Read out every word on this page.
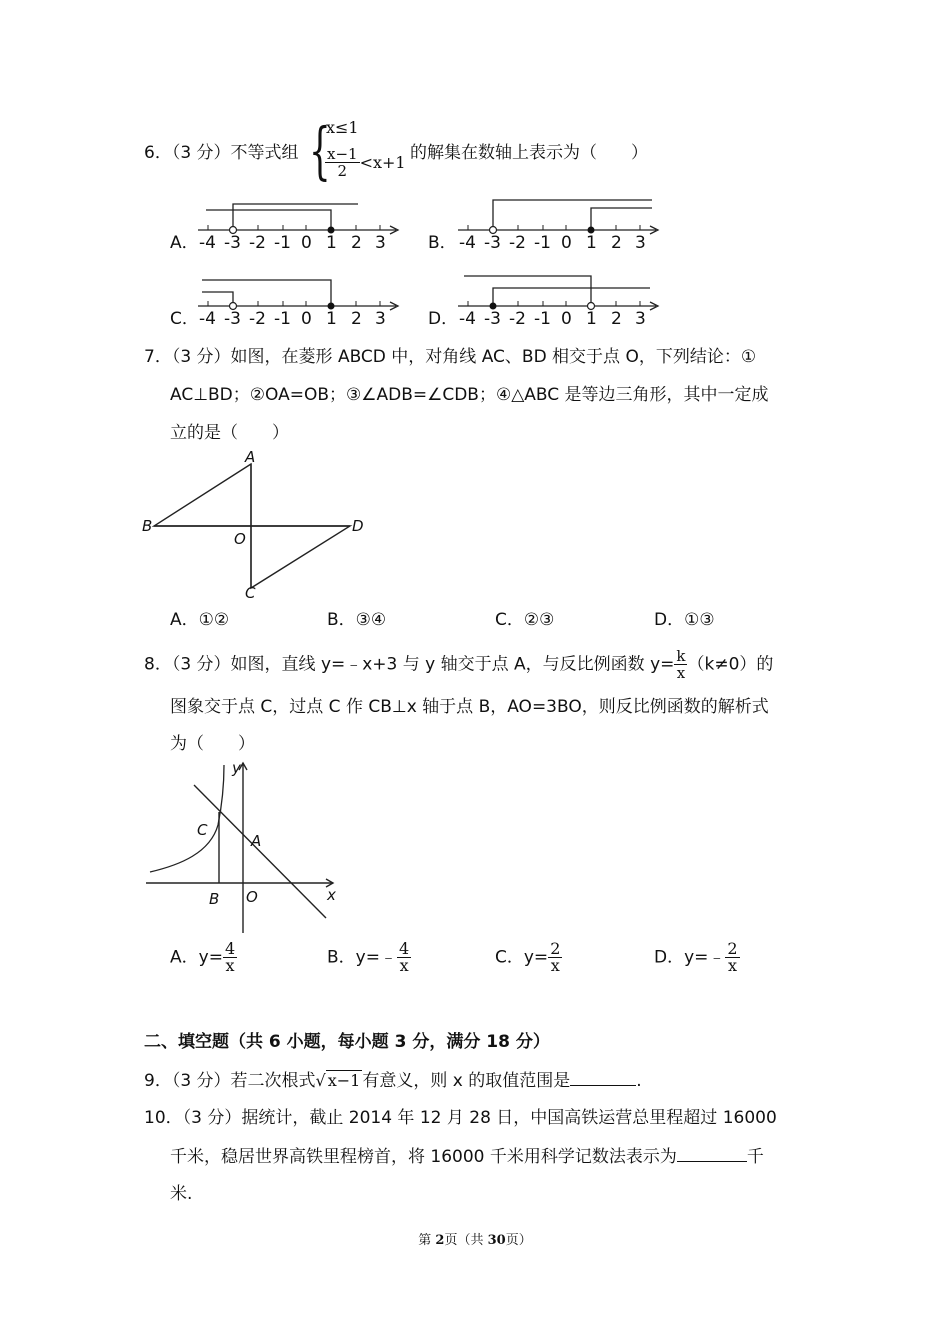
6．（3 分）不等式组 {
x≤1
$\frac{x-1}{2} <x+1$ 的解集在数轴上表示为（　　）
A． -4 -3 -2 -1 0 1 2 3 B． -4 -3 -2 -1 0 1 2 3
C． -4 -3 -2 -1 0 1 2 3 D． -4 -3 -2 -1 0 1 2 3
7．（3 分）如图，在菱形 ABCD 中，对角线 AC、BD 相交于点 O，下列结论：①
AC⊥BD；②OA=OB；③∠ADB=∠CDB；④△ABC 是等边三角形，其中一定成
立的是（　　）
A
B	D
C
O
A．①②	B．③④	C．②③	D．①③
8．（3 分）如图，直线 y=﹣x+3 与 y 轴交于点 A，与反比例函数 $y= \frac{k}{x} (k\ne 0)$的
图象交于点 C，过点 C 作 CB⊥x 轴于点 B，AO=3BO，则反比例函数的解析式
为（　　）
y
x
C
A
B O
A．$y= \frac{4}{x}$	B．y=﹣ $\frac{4}{x}$	C．$y= \frac{2}{x}$	D．y=﹣ $\frac{2}{x}$
二、填空题（共 6 小题，每小题 3 分，满分 18 分）
9．（3 分）若二次根式√ x−1 有意义，则 x 的取值范围是	.
10．（3 分）据统计，截止 2014 年 12 月 28 日，中国高铁运营总里程超过 16000
千米，稳居世界高铁里程榜首，将 16000 千米用科学记数法表示为	千
米.
第 2页（共 30页）
